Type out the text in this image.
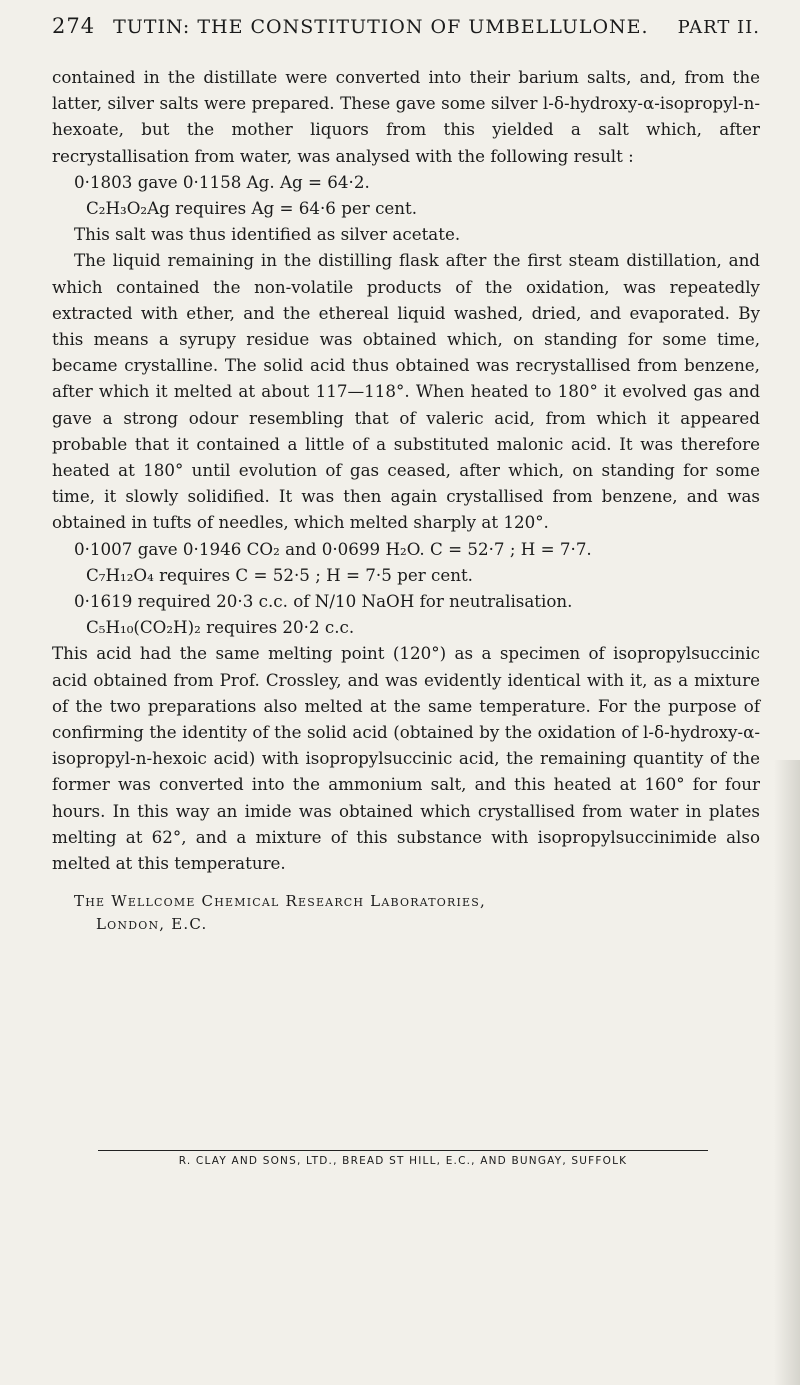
274 TUTIN: THE CONSTITUTION OF UMBELLULONE.	PART II.

contained in the distillate were converted into their barium salts, and, from the latter, silver salts were prepared. These gave some silver l-δ-hydroxy-α-isopropyl-n-hexoate, but the mother liquors from this yielded a salt which, after recrystallisation from water, was analysed with the following result :

0·1803 gave 0·1158 Ag. Ag = 64·2.
C₂H₃O₂Ag requires Ag = 64·6 per cent.
This salt was thus identified as silver acetate.

The liquid remaining in the distilling flask after the first steam distillation, and which contained the non-volatile products of the oxidation, was repeatedly extracted with ether, and the ethereal liquid washed, dried, and evaporated. By this means a syrupy residue was obtained which, on standing for some time, became crystalline. The solid acid thus obtained was recrystallised from benzene, after which it melted at about 117—118°. When heated to 180° it evolved gas and gave a strong odour resembling that of valeric acid, from which it appeared probable that it contained a little of a substituted malonic acid. It was therefore heated at 180° until evolution of gas ceased, after which, on standing for some time, it slowly solidified. It was then again crystallised from benzene, and was obtained in tufts of needles, which melted sharply at 120°.

0·1007 gave 0·1946 CO₂ and 0·0699 H₂O. C = 52·7 ; H = 7·7.
C₇H₁₂O₄ requires C = 52·5 ; H = 7·5 per cent.
0·1619 required 20·3 c.c. of N/10 NaOH for neutralisation.
C₅H₁₀(CO₂H)₂ requires 20·2 c.c.

This acid had the same melting point (120°) as a specimen of isopropylsuccinic acid obtained from Prof. Crossley, and was evidently identical with it, as a mixture of the two preparations also melted at the same temperature. For the purpose of confirming the identity of the solid acid (obtained by the oxidation of l-δ-hydroxy-α-isopropyl-n-hexoic acid) with isopropylsuccinic acid, the remaining quantity of the former was converted into the ammonium salt, and this heated at 160° for four hours. In this way an imide was obtained which crystallised from water in plates melting at 62°, and a mixture of this substance with isopropylsuccinimide also melted at this temperature.

The Wellcome Chemical Research Laboratories,
London, E.C.
R. CLAY AND SONS, LTD., BREAD ST HILL, E.C., AND BUNGAY, SUFFOLK
